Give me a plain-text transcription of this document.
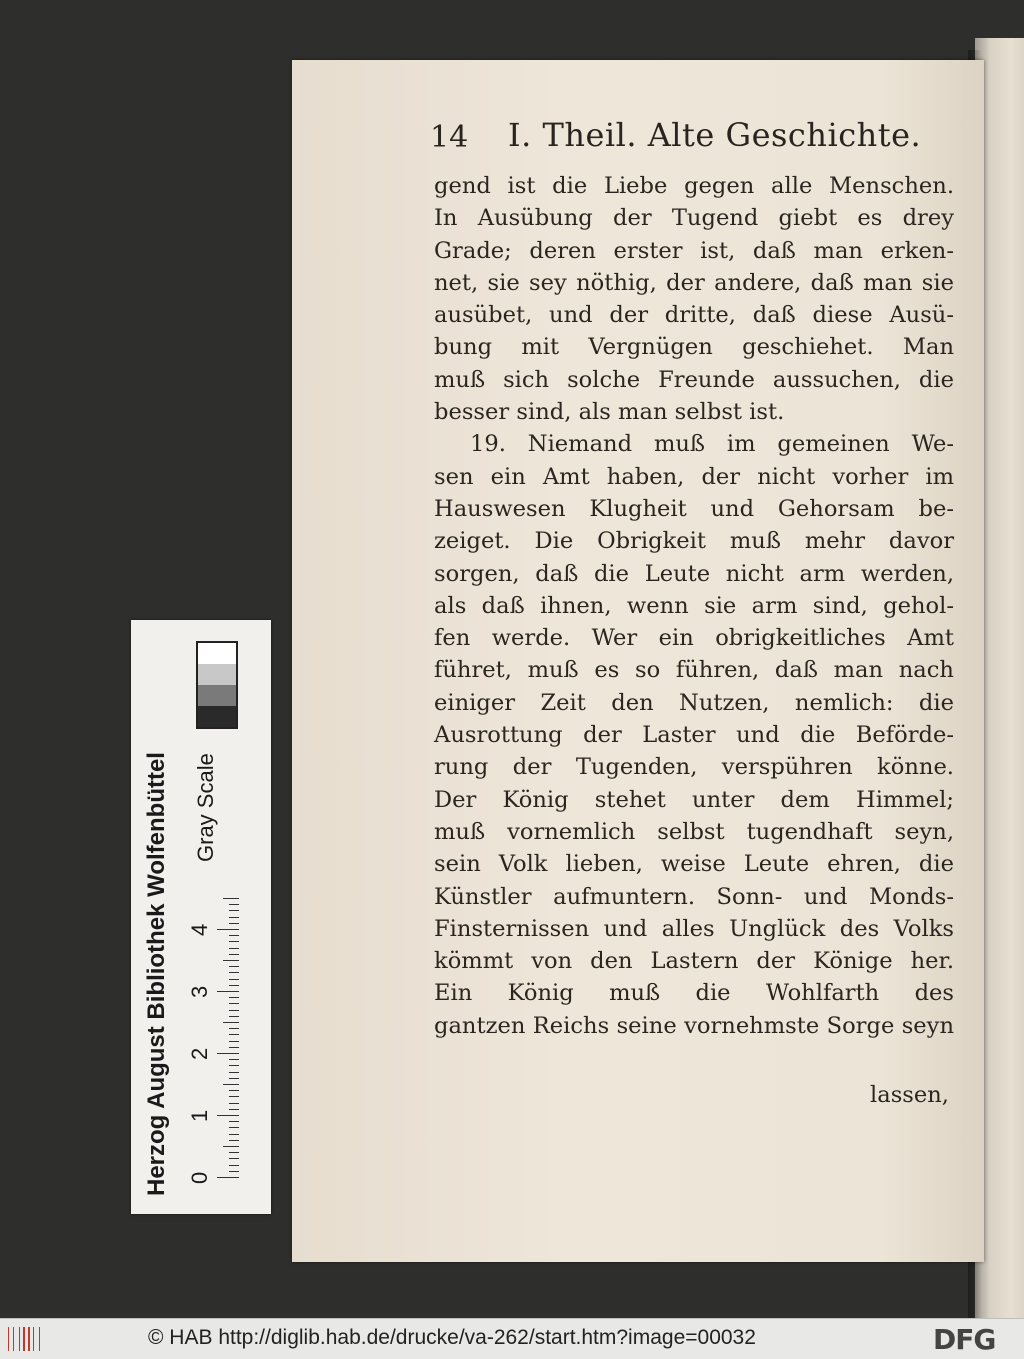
14 I. Theil. Alte Geschichte.
gend ist die Liebe gegen alle Menschen.
In Ausübung der Tugend giebt es drey
Grade; deren erster ist, daß man erken-
net, sie sey nöthig, der andere, daß man sie
ausübet, und der dritte, daß diese Ausü-
bung mit Vergnügen geschiehet. Man
muß sich solche Freunde aussuchen, die
besser sind, als man selbst ist.
19. Niemand muß im gemeinen We-
sen ein Amt haben, der nicht vorher im
Hauswesen Klugheit und Gehorsam be-
zeiget. Die Obrigkeit muß mehr davor
sorgen, daß die Leute nicht arm werden,
als daß ihnen, wenn sie arm sind, gehol-
fen werde. Wer ein obrigkeitliches Amt
führet, muß es so führen, daß man nach
einiger Zeit den Nutzen, nemlich: die
Ausrottung der Laster und die Beförde-
rung der Tugenden, verspühren könne.
Der König stehet unter dem Himmel;
muß vornemlich selbst tugendhaft seyn,
sein Volk lieben, weise Leute ehren, die
Künstler aufmuntern. Sonn- und Monds-
Finsternissen und alles Unglück des Volks
kömmt von den Lastern der Könige her.
Ein König muß die Wohlfarth des
gantzen Reichs seine vornehmste Sorge seyn
lassen,
Herzog August Bibliothek Wolfenbüttel 0
1
2
3
4
Gray Scale
© HAB http://diglib.hab.de/drucke/va-262/start.htm?image=00032	DFG
